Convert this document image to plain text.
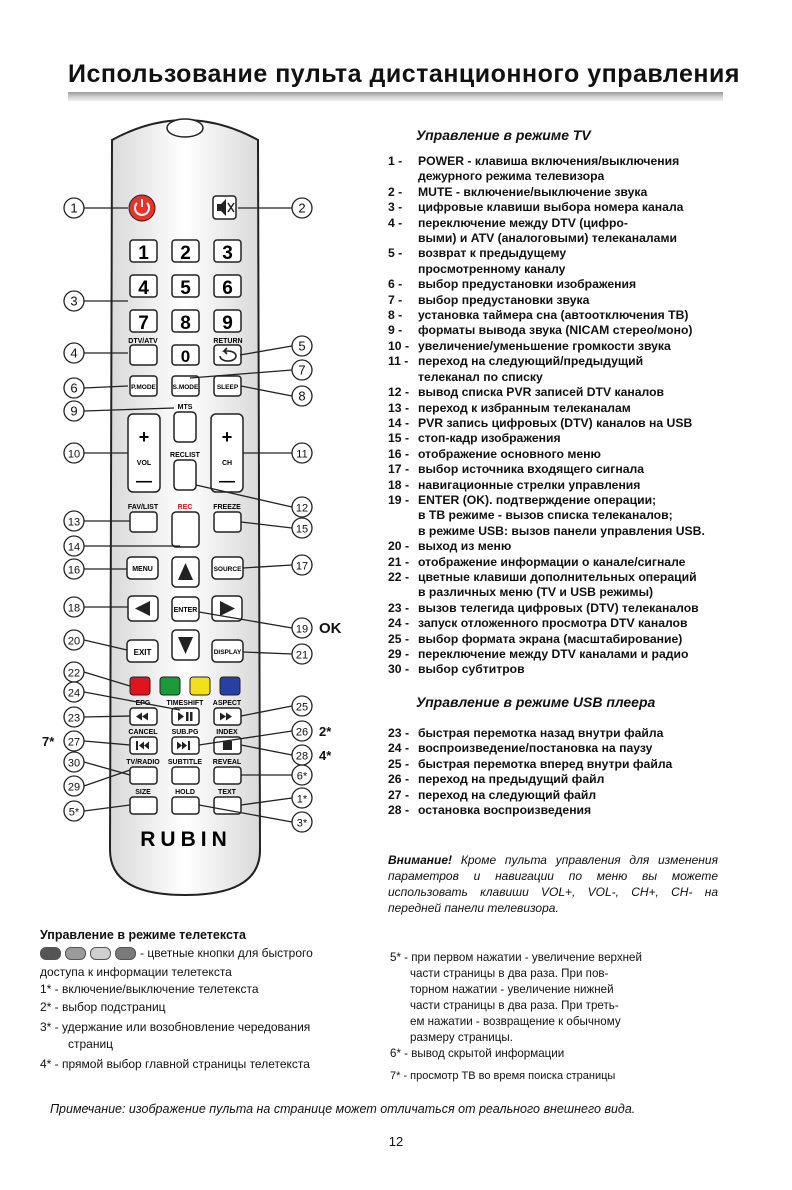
Использование пульта дистанционного управления
1 2 3
4 5 6
7 8 9
DTV/ATV
0
RETURN
P.MODE	S.MODE	SLEEP
+
VOL
—
MTS
RECLIST
+
CH
—
FAV/LIST	REC	FREEZE
MENU	SOURCE
ENTER
EXIT	DISPLAY
EPG TIMESHIFT ASPECT
CANCEL SUB.PG	INDEX
TV/RADIO SUBTITLE REVEAL
SIZE	HOLD	TEXT
RUBIN
1	2
3
4	5
6
7
8
9
10	11
12
13
14
15
16	17
18
19
20
21
22
24
25
23
26
27
28
30
29
6*
1*
5*
3*
OK
2*
4*
7*
Управление в режиме TV
1 -	POWER - клавиша включения/выключения
дежурного режима телевизора
2 -	MUTE - включение/выключение звука
3 -	цифровые клавиши выбора номера канала
4 -	переключение между DTV (цифро-
выми) и ATV (аналоговыми) телеканалами
5 -	возврат к предыдущему
просмотренному каналу
6 -	выбор предустановки изображения
7 -	выбор предустановки звука
8 -	установка таймера сна (автоотключения ТВ)
9 -	форматы вывода звука (NICAM стерео/моно)
10 - увеличение/уменьшение громкости звука
11 - переход на следующий/предыдущий
телеканал по списку
12 - вывод списка PVR записей DTV каналов
13 - переход к избранным телеканалам
14 - PVR запись цифровых (DTV) каналов на USB
15 - стоп-кадр изображения
16 - отображение основного меню
17 - выбор источника входящего сигнала
18 - навигационные стрелки управления
19 - ENTER (OK). подтверждение операции;
в ТВ режиме - вызов списка телеканалов;
в режиме USB: вызов панели управления USB.
20 - выход из меню
21 - отображение информации о канале/сигнале
22 - цветные клавиши дополнительных операций
в различных меню (TV и USB режимы)
23 - вызов телегида цифровых (DTV) телеканалов
24 - запуск отложенного просмотра DTV каналов
25 - выбор формата экрана (масштабирование)
29 - переключение между DTV каналами и радио
30 - выбор субтитров
Управление в режиме USB плеера
23 - быстрая перемотка назад внутри файла
24 - воспроизведение/постановка на паузу
25 - быстрая перемотка вперед внутри файла
26 - переход на предыдущий файл
27 - переход на следующий файл
28 - остановка воспроизведения
Внимание! Кроме пульта управления для изменения параметров и навигации по меню вы можете использовать клавиши VOL+, VOL-, CH+, CH- на передней панели телевизора.
Управление в режиме телетекста
- цветные кнопки для быстрого
доступа к информации телетекста
1* - включение/выключение телетекста
2* - выбор подстраниц
3* - удержание или возобновление чередования
страниц
4* - прямой выбор главной страницы телетекста
5* - при первом нажатии - увеличение верхней
части страницы в два раза. При пов-
торном нажатии - увеличение нижней
части страницы в два раза. При треть-
ем нажатии - возвращение к обычному
размеру страницы.
6* - вывод скрытой информации
7* - просмотр ТВ во время поиска страницы
Примечание: изображение пульта на странице может отличаться от реального внешнего вида.
12
